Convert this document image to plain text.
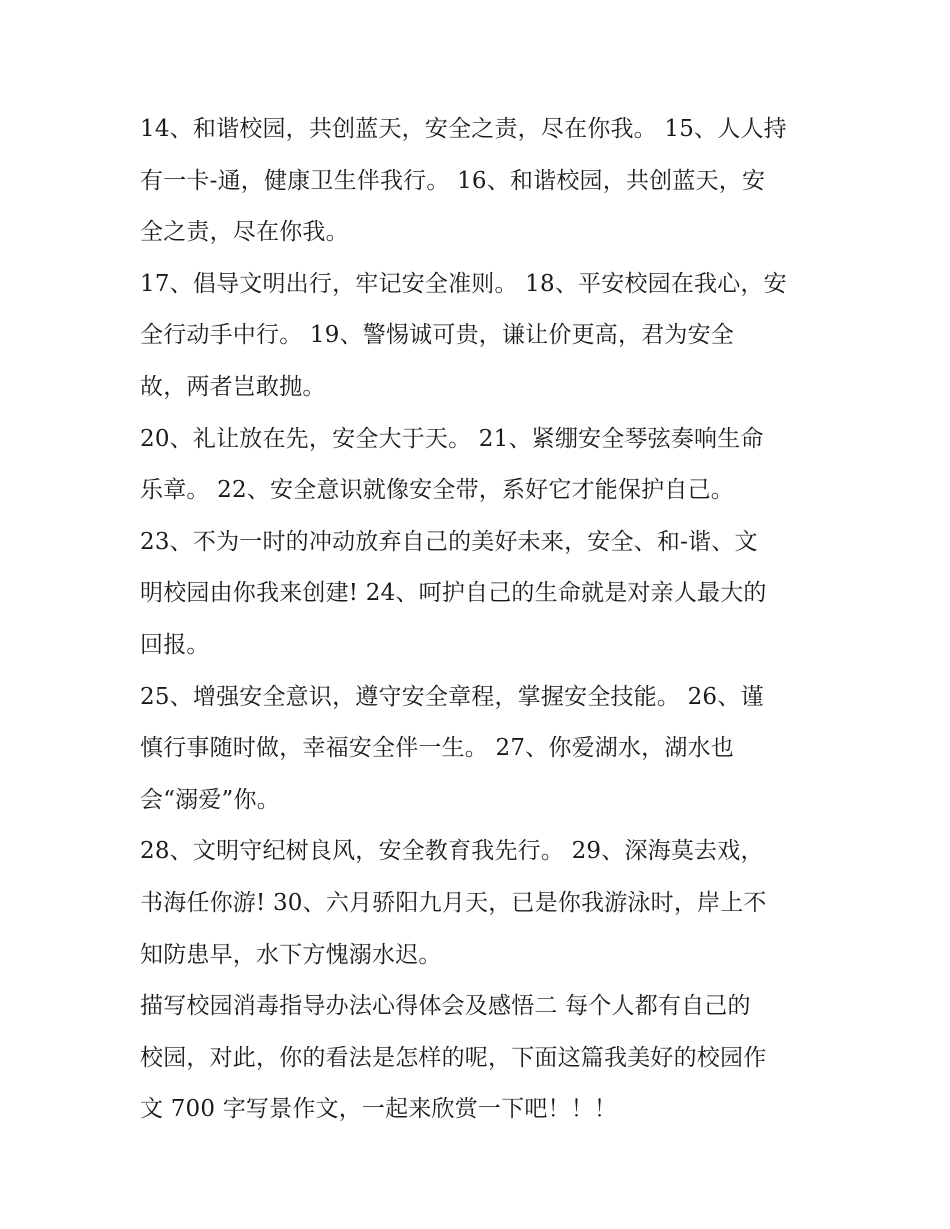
14、和谐校园，共创蓝天，安全之责，尽在你我。 15、人人持
有一卡-通，健康卫生伴我行。 16、和谐校园，共创蓝天，安
全之责，尽在你我。
17、倡导文明出行，牢记安全准则。 18、平安校园在我心，安
全行动手中行。 19、警惕诚可贵，谦让价更高，君为安全
故，两者岂敢抛。
20、礼让放在先，安全大于天。 21、紧绷安全琴弦奏响生命
乐章。 22、安全意识就像安全带，系好它才能保护自己。
23、不为一时的冲动放弃自己的美好未来，安全、和-谐、文
明校园由你我来创建! 24、呵护自己的生命就是对亲人最大的
回报。
25、增强安全意识，遵守安全章程，掌握安全技能。 26、谨
慎行事随时做，幸福安全伴一生。 27、你爱湖水，湖水也
会“溺爱”你。
28、文明守纪树良风，安全教育我先行。 29、深海莫去戏，
书海任你游! 30、六月骄阳九月天，已是你我游泳时，岸上不
知防患早，水下方愧溺水迟。
描写校园消毒指导办法心得体会及感悟二 每个人都有自己的
校园，对此，你的看法是怎样的呢，下面这篇我美好的校园作
文 700 字写景作文，一起来欣赏一下吧！！！
